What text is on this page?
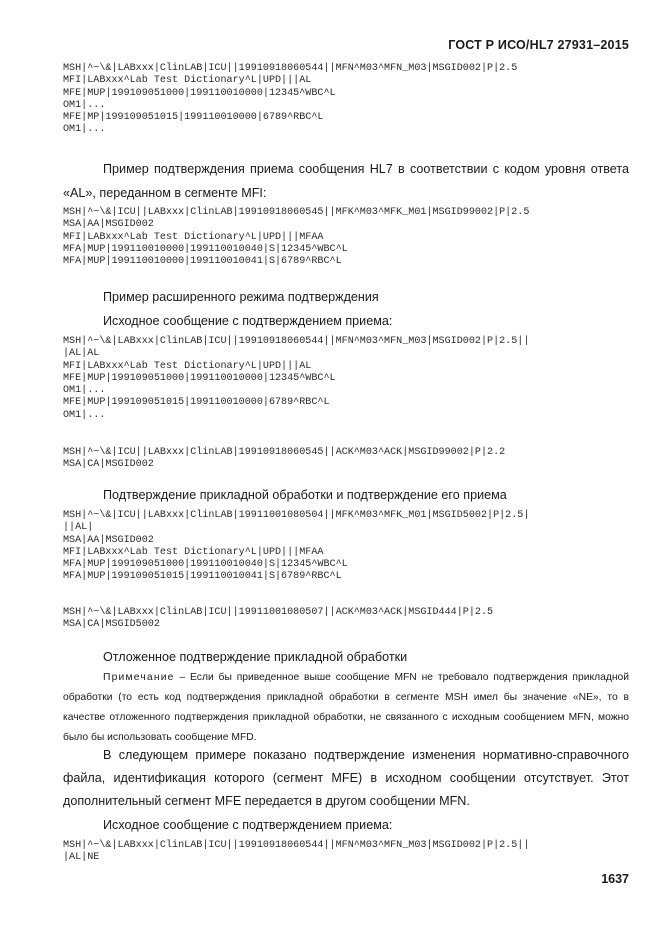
ГОСТ Р ИСО/HL7 27931–2015
MSH|^~\&|LABxxx|ClinLAB|ICU||19910918060544||MFN^M03^MFN_M03|MSGID002|P|2.5
MFI|LABxxx^Lab Test Dictionary^L|UPD|||AL
MFE|MUP|199109051000|199110010000|12345^WBC^L
OM1|...
MFE|MP|199109051015|199110010000|6789^RBC^L
OM1|...
Пример подтверждения приема сообщения HL7 в соответствии с кодом уровня ответа «AL», переданном в сегменте MFI:
MSH|^~\&|ICU||LABxxx|ClinLAB|19910918060545||MFK^M03^MFK_M01|MSGID99002|P|2.5
MSA|AA|MSGID002
MFI|LABxxx^Lab Test Dictionary^L|UPD|||MFAA
MFA|MUP|199110010000|199110010040|S|12345^WBC^L
MFA|MUP|199110010000|199110010041|S|6789^RBC^L
Пример расширенного режима подтверждения
Исходное сообщение с подтверждением приема:
MSH|^~\&|LABxxx|ClinLAB|ICU||19910918060544||MFN^M03^MFN_M03|MSGID002|P|2.5||
|AL|AL
MFI|LABxxx^Lab Test Dictionary^L|UPD|||AL
MFE|MUP|199109051000|199110010000|12345^WBC^L
OM1|...
MFE|MUP|199109051015|199110010000|6789^RBC^L
OM1|...
MSH|^~\&|ICU||LABxxx|ClinLAB|19910918060545||ACK^M03^ACK|MSGID99002|P|2.2
MSA|CA|MSGID002
Подтверждение прикладной обработки и подтверждение его приема
MSH|^~\&|ICU||LABxxx|ClinLAB|19911001080504||MFK^M03^MFK_M01|MSGID5002|P|2.5|
||AL|
MSA|AA|MSGID002
MFI|LABxxx^Lab Test Dictionary^L|UPD|||MFAA
MFA|MUP|199109051000|199110010040|S|12345^WBC^L
MFA|MUP|199109051015|199110010041|S|6789^RBC^L
MSH|^~\&|LABxxx|ClinLAB|ICU||19911001080507||ACK^M03^ACK|MSGID444|P|2.5
MSA|CA|MSGID5002
Отложенное подтверждение прикладной обработки
Примечание – Если бы приведенное выше сообщение MFN не требовало подтверждения прикладной обработки (то есть код подтверждения прикладной обработки в сегменте MSH имел бы значение «NE», то в качестве отложенного подтверждения прикладной обработки, не связанного с исходным сообщением MFN, можно было бы использовать сообщение MFD.
В следующем примере показано подтверждение изменения нормативно-справочного файла, идентификация которого (сегмент MFE) в исходном сообщении отсутствует. Этот дополнительный сегмент MFE передается в другом сообщении MFN.
Исходное сообщение с подтверждением приема:
MSH|^~\&|LABxxx|ClinLAB|ICU||19910918060544||MFN^M03^MFN_M03|MSGID002|P|2.5||
|AL|NE
1637
